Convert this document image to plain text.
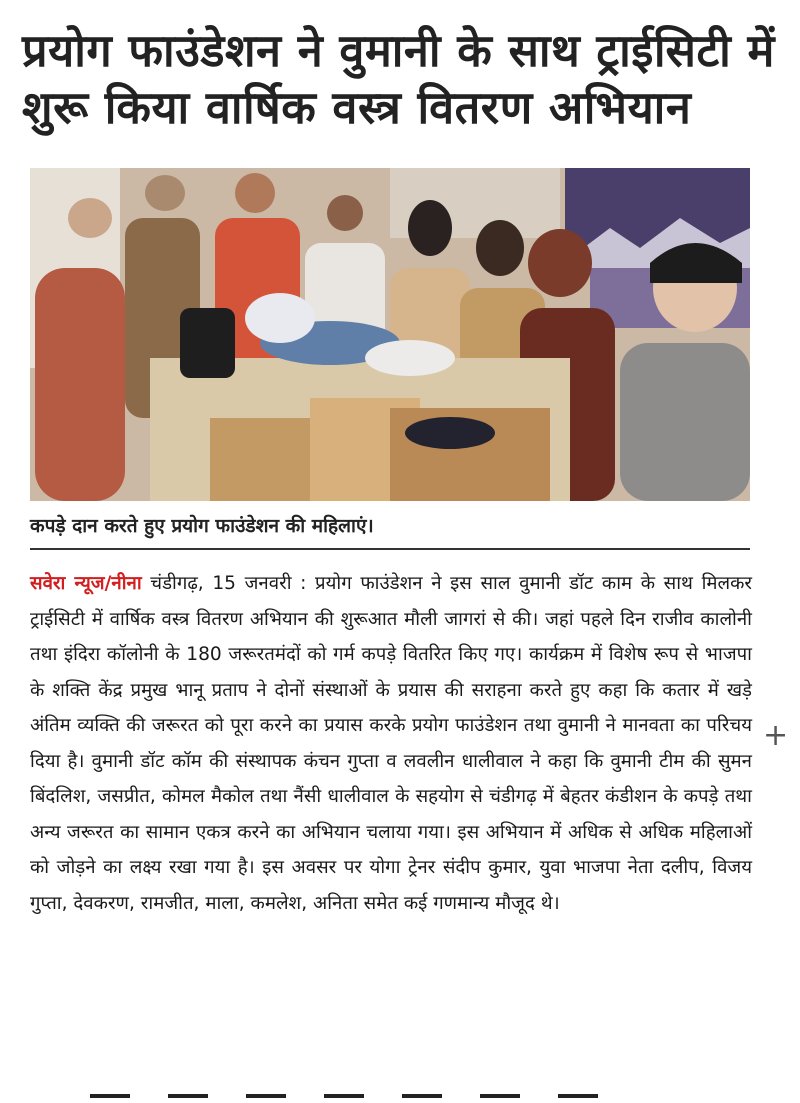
प्रयोग फाउंडेशन ने वुमानी के साथ ट्राईसिटी में शुरू किया वार्षिक वस्त्र वितरण अभियान

कपड़े दान करते हुए प्रयोग फाउंडेशन की महिलाएं।

सवेरा न्यूज/नीना चंडीगढ़, 15 जनवरी : प्रयोग फाउंडेशन ने इस साल वुमानी डॉट काम के साथ मिलकर ट्राईसिटी में वार्षिक वस्त्र वितरण अभियान की शुरूआत मौली जागरां से की। जहां पहले दिन राजीव कालोनी तथा इंदिरा कॉलोनी के 180 जरूरतमंदों को गर्म कपड़े वितरित किए गए। कार्यक्रम में विशेष रूप से भाजपा के शक्ति केंद्र प्रमुख भानू प्रताप ने दोनों संस्थाओं के प्रयास की सराहना करते हुए कहा कि कतार में खड़े अंतिम व्यक्ति की जरूरत को पूरा करने का प्रयास करके प्रयोग फाउंडेशन तथा वुमानी ने मानवता का परिचय दिया है। वुमानी डॉट कॉम की संस्थापक कंचन गुप्ता व लवलीन धालीवाल ने कहा कि वुमानी टीम की सुमन बिंदलिश, जसप्रीत, कोमल मैकोल तथा नैंसी धालीवाल के सहयोग से चंडीगढ़ में बेहतर कंडीशन के कपड़े तथा अन्य जरूरत का सामान एकत्र करने का अभियान चलाया गया। इस अभियान में अधिक से अधिक महिलाओं को जोड़ने का लक्ष्य रखा गया है। इस अवसर पर योगा ट्रेनर संदीप कुमार, युवा भाजपा नेता दलीप, विजय गुप्ता, देवकरण, रामजीत, माला, कमलेश, अनिता समेत कई गणमान्य मौजूद थे।

+
